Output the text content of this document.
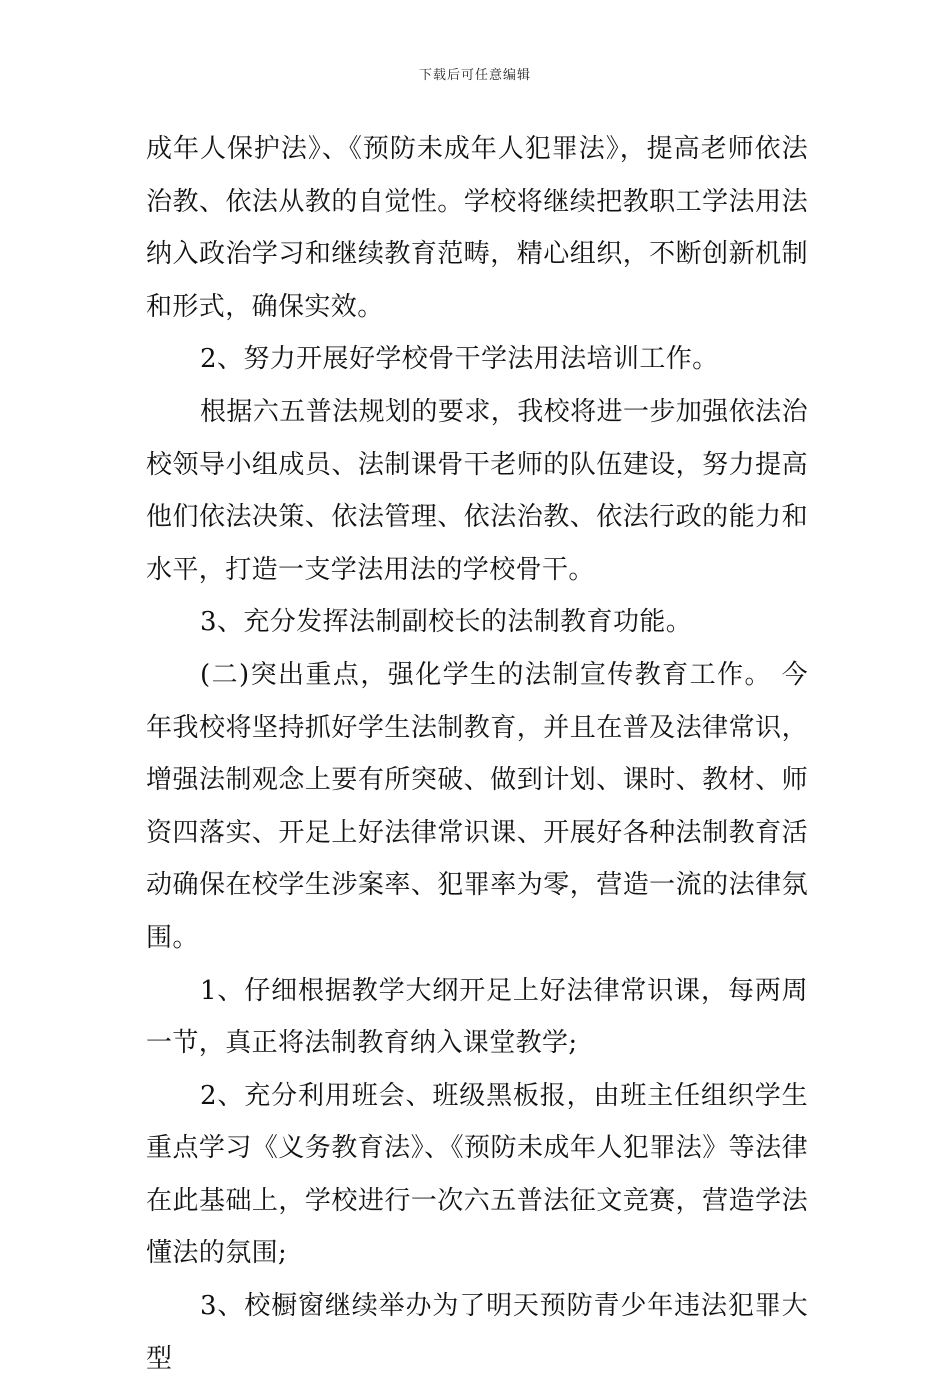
下载后可任意编辑

成年人保护法》、《预防未成年人犯罪法》，提高老师依法治教、依法从教的自觉性。学校将继续把教职工学法用法纳入政治学习和继续教育范畴，精心组织，不断创新机制和形式，确保实效。

2、努力开展好学校骨干学法用法培训工作。

根据六五普法规划的要求，我校将进一步加强依法治校领导小组成员、法制课骨干老师的队伍建设，努力提高他们依法决策、依法管理、依法治教、依法行政的能力和水平，打造一支学法用法的学校骨干。

3、充分发挥法制副校长的法制教育功能。

(二)突出重点，强化学生的法制宣传教育工作。 今年我校将坚持抓好学生法制教育，并且在普及法律常识，增强法制观念上要有所突破、做到计划、课时、教材、师资四落实、开足上好法律常识课、开展好各种法制教育活动确保在校学生涉案率、犯罪率为零，营造一流的法律氛围。

1、仔细根据教学大纲开足上好法律常识课，每两周一节，真正将法制教育纳入课堂教学;

2、充分利用班会、班级黑板报，由班主任组织学生重点学习《义务教育法》、《预防未成年人犯罪法》等法律在此基础上，学校进行一次六五普法征文竞赛，营造学法懂法的氛围;

3、校橱窗继续举办为了明天预防青少年违法犯罪大型
